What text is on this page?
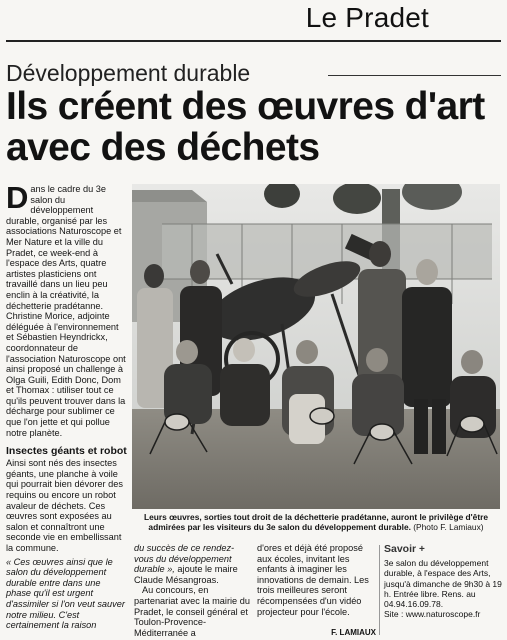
Le Pradet
Développement durable
Ils créent des œuvres d'art avec des déchets

Dans le cadre du 3e salon du développement durable, organisé par les associations Naturoscope et Mer Nature et la ville du Pradet, ce week-end à l'espace des Arts, quatre artistes plasticiens ont travaillé dans un lieu peu enclin à la créativité, la déchetterie pradétanne.

Christine Morice, adjointe déléguée à l'environnement et Sébastien Heyndrickx, coordonnateur de l'association Naturoscope ont ainsi proposé un challenge à Olga Guili, Edith Donc, Dom et Thomax : utiliser tout ce qu'ils peuvent trouver dans la décharge pour sublimer ce que l'on jette et qui pollue notre planète.

Insectes géants et robot

Ainsi sont nés des insectes géants, une planche à voile qui pourrait bien dévorer des requins ou encore un robot avaleur de déchets. Ces œuvres sont exposées au salon et connaîtront une seconde vie en embellissant la commune.

« Ces œuvres ainsi que le salon du développement durable entre dans une phase qu'il est urgent d'assimiler si l'on veut sauver notre milieu. C'est certainement la raison

Leurs œuvres, sorties tout droit de la déchetterie pradétanne, auront le privilège d'être admirées par les visiteurs du 3e salon du développement durable. (Photo F. Lamiaux)

du succès de ce rendez-vous du développement durable », ajoute le maire Claude Mésangroas.

Au concours, en partenariat avec la mairie du Pradet, le conseil général et Toulon-Provence-Méditerranée a

d'ores et déjà été proposé aux écoles, invitant les enfants à imaginer les innovations de demain. Les trois meilleures seront récompensées d'un vidéo projecteur pour l'école.

F. LAMIAUX
Savoir +
3e salon du développement durable, à l'espace des Arts, jusqu'à dimanche de 9h30 à 19 h. Entrée libre. Rens. au 04.94.16.09.78.
Site : www.naturoscope.fr
